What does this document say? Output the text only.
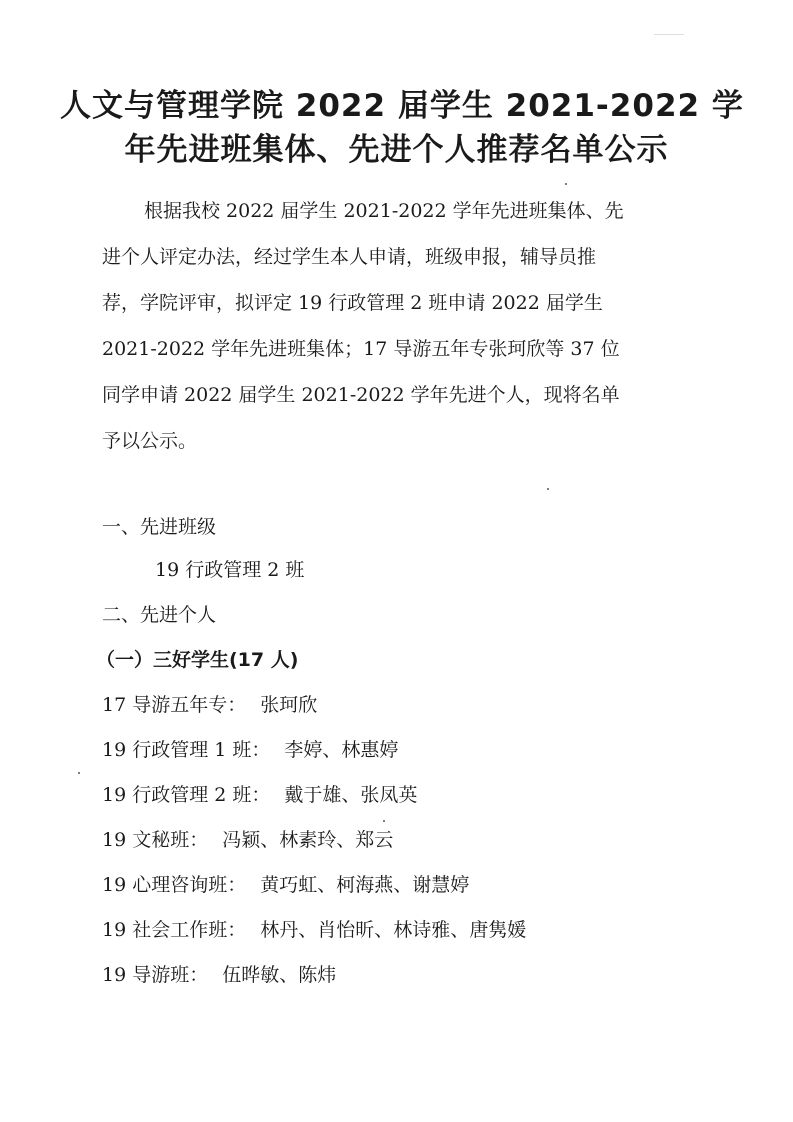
人文与管理学院 2022 届学生 2021-2022 学
年先进班集体、先进个人推荐名单公示
根据我校 2022 届学生 2021-2022 学年先进班集体、先
进个人评定办法，经过学生本人申请，班级申报，辅导员推
荐，学院评审，拟评定 19 行政管理 2 班申请 2022 届学生
2021-2022 学年先进班集体；17 导游五年专张珂欣等 37 位
同学申请 2022 届学生 2021-2022 学年先进个人，现将名单
予以公示。
一、先进班级
19 行政管理 2 班
二、先进个人
（一）三好学生(17 人)
17 导游五年专： 张珂欣
19 行政管理 1 班： 李婷、林惠婷
19 行政管理 2 班： 戴于雄、张凤英
19 文秘班： 冯颖、林素玲、郑云
19 心理咨询班： 黄巧虹、柯海燕、谢慧婷
19 社会工作班： 林丹、肖怡昕、林诗雅、唐隽媛
19 导游班： 伍晔敏、陈炜
